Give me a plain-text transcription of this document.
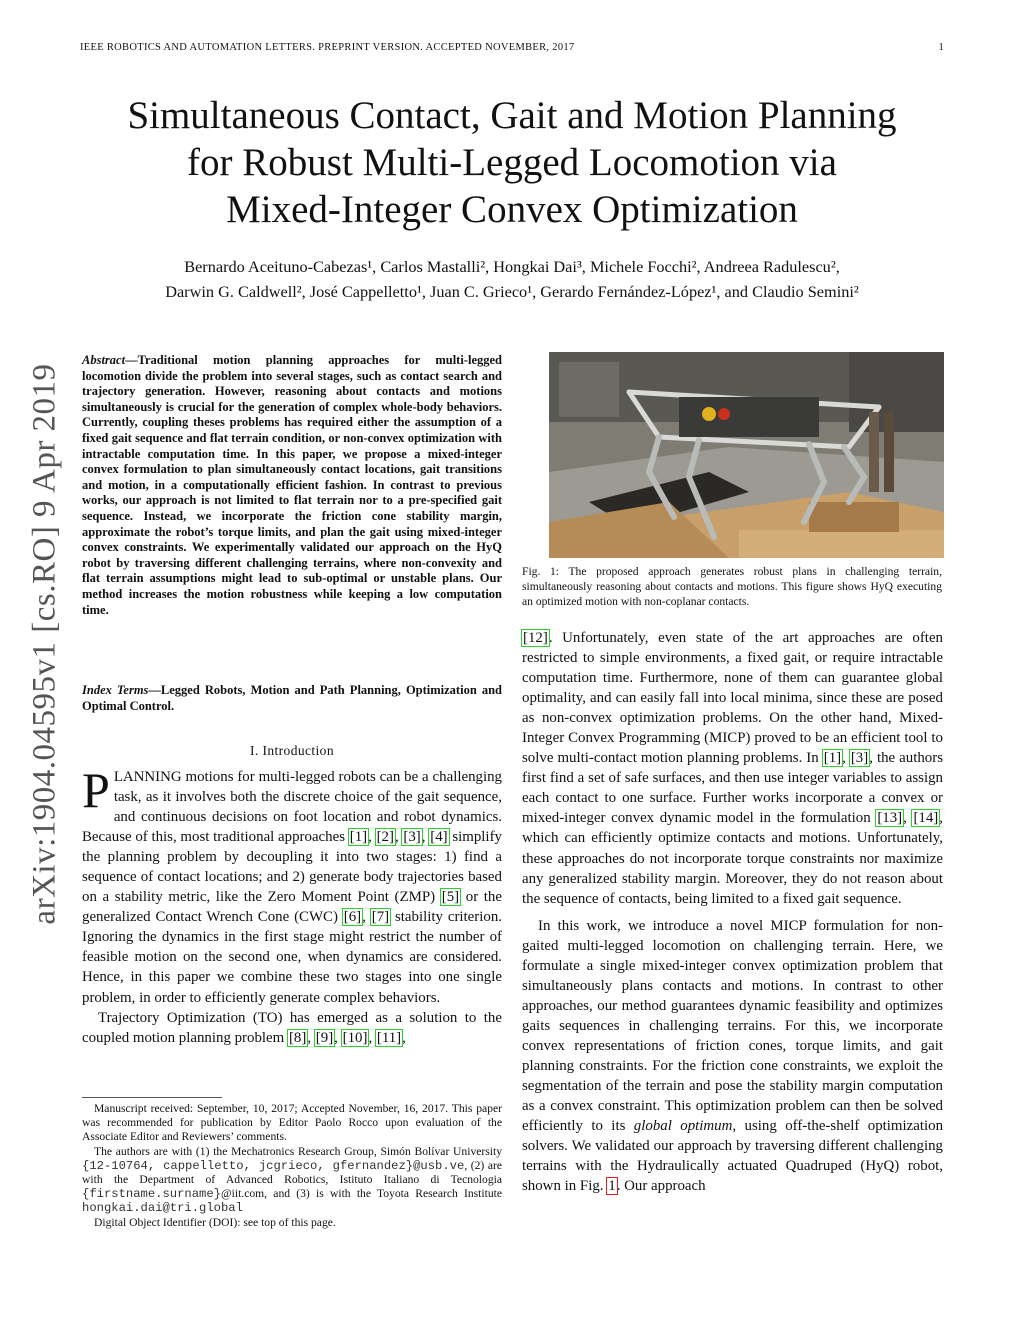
IEEE ROBOTICS AND AUTOMATION LETTERS. PREPRINT VERSION. ACCEPTED NOVEMBER, 2017	1
arXiv:1904.04595v1 [cs.RO] 9 Apr 2019
Simultaneous Contact, Gait and Motion Planning
for Robust Multi-Legged Locomotion via
Mixed-Integer Convex Optimization
Bernardo Aceituno-Cabezas¹, Carlos Mastalli², Hongkai Dai³, Michele Focchi², Andreea Radulescu²,
Darwin G. Caldwell², José Cappelletto¹, Juan C. Grieco¹, Gerardo Fernández-López¹, and Claudio Semini²
Abstract—Traditional motion planning approaches for multi-legged locomotion divide the problem into several stages, such as contact search and trajectory generation. However, reasoning about contacts and motions simultaneously is crucial for the generation of complex whole-body behaviors. Currently, coupling theses problems has required either the assumption of a fixed gait sequence and flat terrain condition, or non-convex optimization with intractable computation time. In this paper, we propose a mixed-integer convex formulation to plan simultaneously contact locations, gait transitions and motion, in a computationally efficient fashion. In contrast to previous works, our approach is not limited to flat terrain nor to a pre-specified gait sequence. Instead, we incorporate the friction cone stability margin, approximate the robot’s torque limits, and plan the gait using mixed-integer convex constraints. We experimentally validated our approach on the HyQ robot by traversing different challenging terrains, where non-convexity and flat terrain assumptions might lead to sub-optimal or unstable plans. Our method increases the motion robustness while keeping a low computation time.
Index Terms—Legged Robots, Motion and Path Planning, Optimization and Optimal Control.
I. Introduction

PLANNING motions for multi-legged robots can be a challenging task, as it involves both the discrete choice of the gait sequence, and continuous decisions on foot location and robot dynamics. Because of this, most traditional approaches [1], [2], [3], [4] simplify the planning problem by decoupling it into two stages: 1) find a sequence of contact locations; and 2) generate body trajectories based on a stability metric, like the Zero Moment Point (ZMP) [5] or the generalized Contact Wrench Cone (CWC) [6], [7] stability criterion. Ignoring the dynamics in the first stage might restrict the number of feasible motion on the second one, when dynamics are considered. Hence, in this paper we combine these two stages into one single problem, in order to efficiently generate complex behaviors.

Trajectory Optimization (TO) has emerged as a solution to the coupled motion planning problem [8], [9], [10], [11],

Manuscript received: September, 10, 2017; Accepted November, 16, 2017. This paper was recommended for publication by Editor Paolo Rocco upon evaluation of the Associate Editor and Reviewers’ comments.

The authors are with (1) the Mechatronics Research Group, Simón Bolívar University {12-10764, cappelletto, jcgrieco, gfernandez}@usb.ve, (2) are with the Department of Advanced Robotics, Istituto Italiano di Tecnologia {firstname.surname}@iit.com, and (3) is with the Toyota Research Institute hongkai.dai@tri.global

Digital Object Identifier (DOI): see top of this page.

Fig. 1: The proposed approach generates robust plans in challenging terrain, simultaneously reasoning about contacts and motions. This figure shows HyQ executing an optimized motion with non-coplanar contacts.

[12]. Unfortunately, even state of the art approaches are often restricted to simple environments, a fixed gait, or require intractable computation time. Furthermore, none of them can guarantee global optimality, and can easily fall into local minima, since these are posed as non-convex optimization problems. On the other hand, Mixed-Integer Convex Programming (MICP) proved to be an efficient tool to solve multi-contact motion planning problems. In [1], [3], the authors first find a set of safe surfaces, and then use integer variables to assign each contact to one surface. Further works incorporate a convex or mixed-integer convex dynamic model in the formulation [13], [14], which can efficiently optimize contacts and motions. Unfortunately, these approaches do not incorporate torque constraints nor maximize any generalized stability margin. Moreover, they do not reason about the sequence of contacts, being limited to a fixed gait sequence.

In this work, we introduce a novel MICP formulation for non-gaited multi-legged locomotion on challenging terrain. Here, we formulate a single mixed-integer convex optimization problem that simultaneously plans contacts and motions. In contrast to other approaches, our method guarantees dynamic feasibility and optimizes gaits sequences in challenging terrains. For this, we incorporate convex representations of friction cones, torque limits, and gait planning constraints. For the friction cone constraints, we exploit the segmentation of the terrain and pose the stability margin computation as a convex constraint. This optimization problem can then be solved efficiently to its global optimum, using off-the-shelf optimization solvers. We validated our approach by traversing different challenging terrains with the Hydraulically actuated Quadruped (HyQ) robot, shown in Fig. 1. Our approach
